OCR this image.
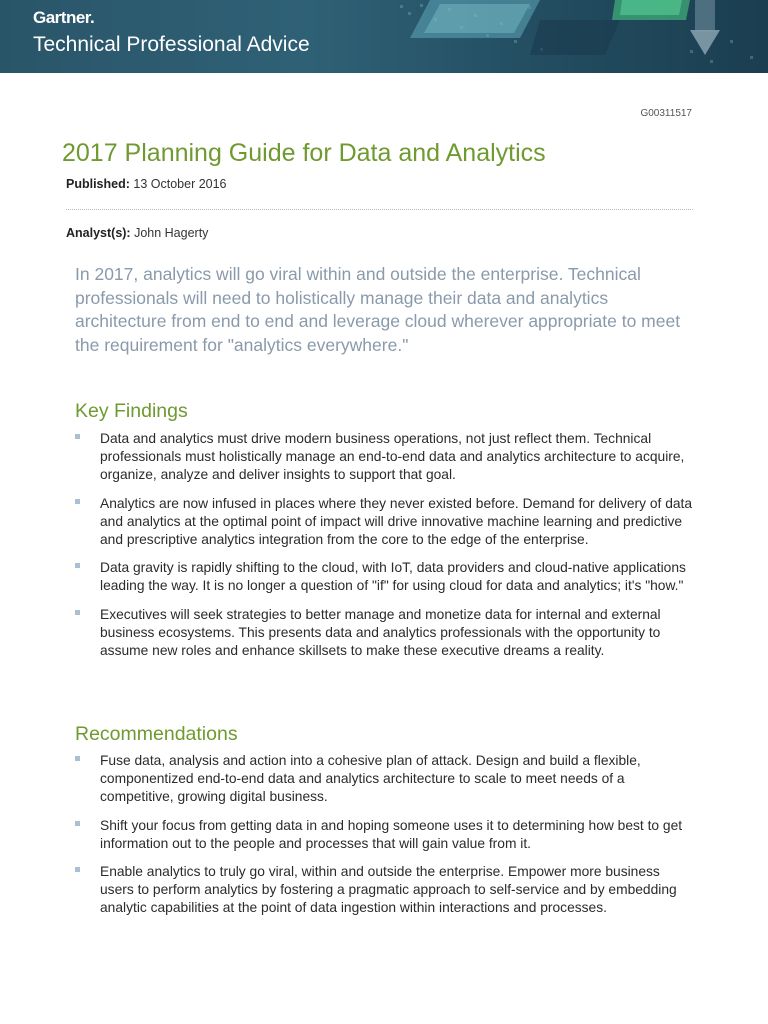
Gartner.
Technical Professional Advice
G00311517
2017 Planning Guide for Data and Analytics
Published: 13 October 2016
Analyst(s): John Hagerty

In 2017, analytics will go viral within and outside the enterprise. Technical professionals will need to holistically manage their data and analytics architecture from end to end and leverage cloud wherever appropriate to meet the requirement for "analytics everywhere."

Key Findings
Data and analytics must drive modern business operations, not just reflect them. Technical professionals must holistically manage an end-to-end data and analytics architecture to acquire, organize, analyze and deliver insights to support that goal.
Analytics are now infused in places where they never existed before. Demand for delivery of data and analytics at the optimal point of impact will drive innovative machine learning and predictive and prescriptive analytics integration from the core to the edge of the enterprise.
Data gravity is rapidly shifting to the cloud, with IoT, data providers and cloud-native applications leading the way. It is no longer a question of "if" for using cloud for data and analytics; it's "how."
Executives will seek strategies to better manage and monetize data for internal and external business ecosystems. This presents data and analytics professionals with the opportunity to assume new roles and enhance skillsets to make these executive dreams a reality.
Recommendations
Fuse data, analysis and action into a cohesive plan of attack. Design and build a flexible, componentized end-to-end data and analytics architecture to scale to meet needs of a competitive, growing digital business.
Shift your focus from getting data in and hoping someone uses it to determining how best to get information out to the people and processes that will gain value from it.
Enable analytics to truly go viral, within and outside the enterprise. Empower more business users to perform analytics by fostering a pragmatic approach to self-service and by embedding analytic capabilities at the point of data ingestion within interactions and processes.
